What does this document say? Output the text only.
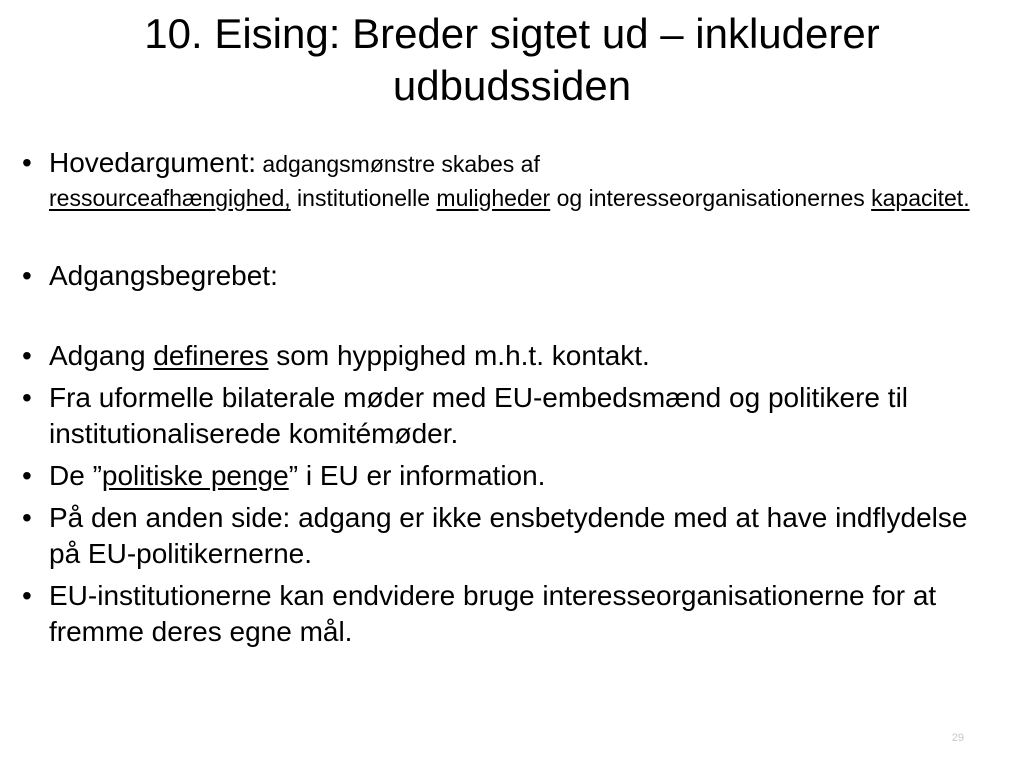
10. Eising: Breder sigtet ud – inkluderer udbudssiden
• Hovedargument: adgangsmønstre skabes af
ressourceafhængighed, institutionelle muligheder og interesseorganisationernes kapacitet.
• Adgangsbegrebet:
• Adgang defineres som hyppighed m.h.t. kontakt.
• Fra uformelle bilaterale møder med EU-embedsmænd og politikere til institutionaliserede komitémøder.
• De ”politiske penge” i EU er information.
• På den anden side: adgang er ikke ensbetydende med at have indflydelse på EU-politikernerne.
• EU-institutionerne kan endvidere bruge interesseorganisationerne for at fremme deres egne mål.
29
